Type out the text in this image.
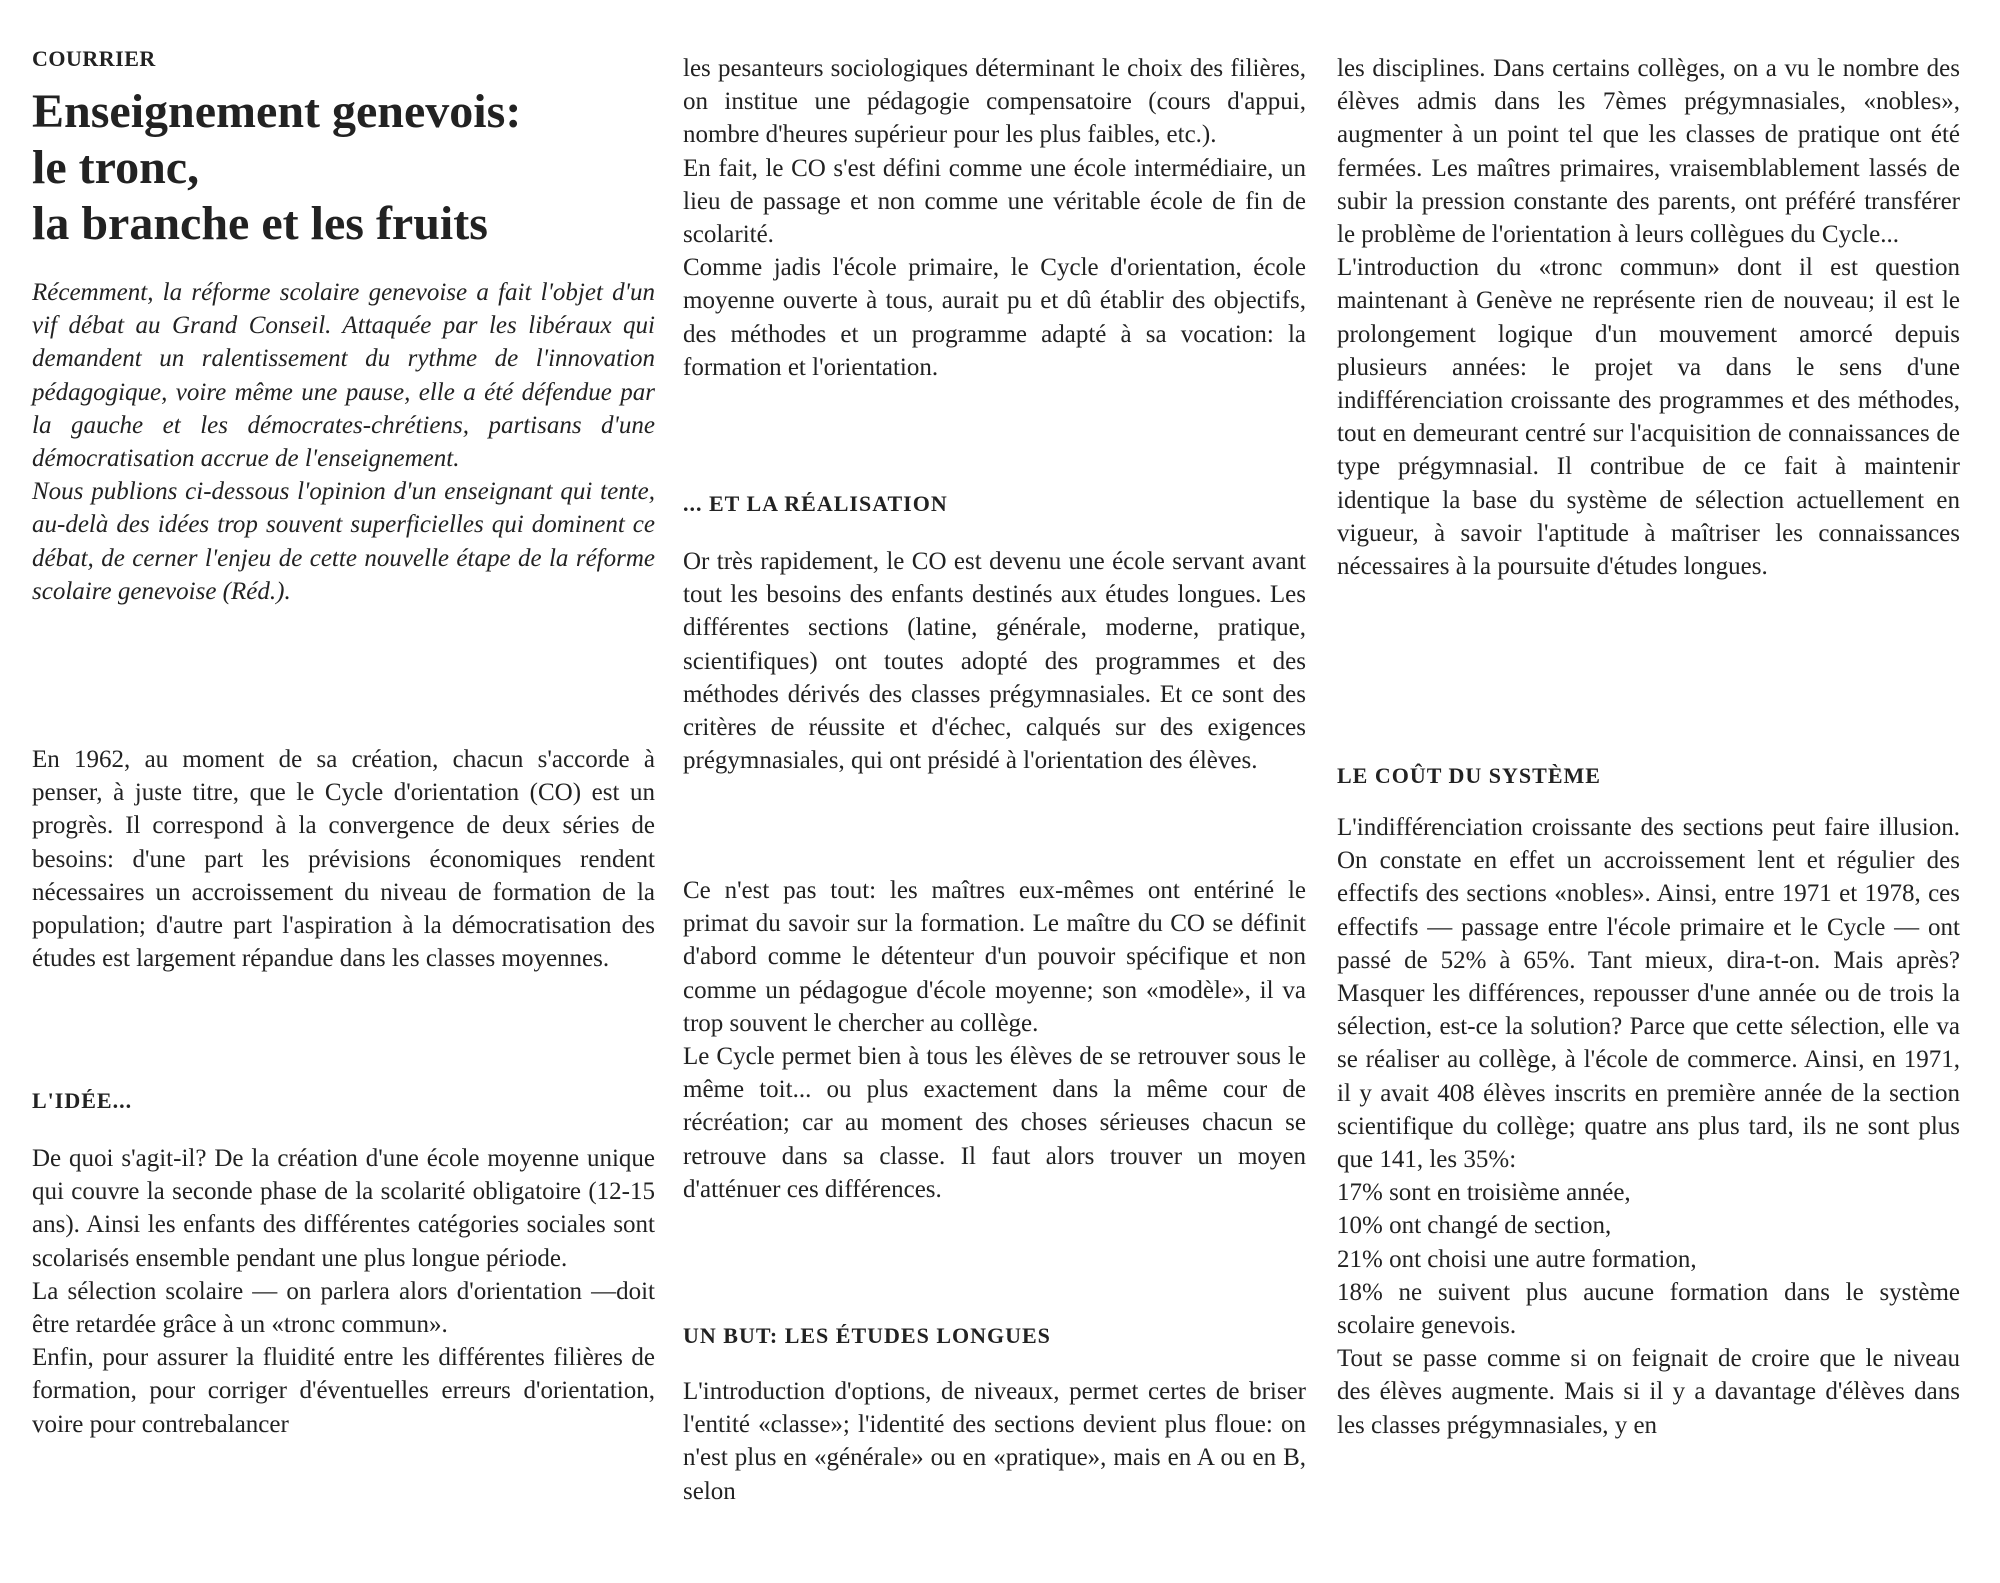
COURRIER
Enseignement genevois:
le tronc,
la branche et les fruits

Récemment, la réforme scolaire genevoise a fait l'objet d'un vif débat au Grand Conseil. Attaquée par les libéraux qui demandent un ralentissement du rythme de l'innovation pédagogique, voire même une pause, elle a été défendue par la gauche et les démocrates-chrétiens, partisans d'une démocratisation accrue de l'enseignement.

Nous publions ci-dessous l'opinion d'un enseignant qui tente, au-delà des idées trop souvent superficielles qui dominent ce débat, de cerner l'enjeu de cette nouvelle étape de la réforme scolaire genevoise (Réd.).

En 1962, au moment de sa création, chacun s'accorde à penser, à juste titre, que le Cycle d'orientation (CO) est un progrès. Il correspond à la convergence de deux séries de besoins: d'une part les prévisions économiques rendent nécessaires un accroissement du niveau de formation de la population; d'autre part l'aspiration à la démocratisation des études est largement répandue dans les classes moyennes.

L'IDÉE...

De quoi s'agit-il? De la création d'une école moyenne unique qui couvre la seconde phase de la scolarité obligatoire (12-15 ans). Ainsi les enfants des différentes catégories sociales sont scolarisés ensemble pendant une plus longue période.

La sélection scolaire — on parlera alors d'orientation —doit être retardée grâce à un «tronc commun».

Enfin, pour assurer la fluidité entre les différentes filières de formation, pour corriger d'éventuelles erreurs d'orientation, voire pour contrebalancer

les pesanteurs sociologiques déterminant le choix des filières, on institue une pédagogie compensatoire (cours d'appui, nombre d'heures supérieur pour les plus faibles, etc.).

En fait, le CO s'est défini comme une école intermédiaire, un lieu de passage et non comme une véritable école de fin de scolarité.

Comme jadis l'école primaire, le Cycle d'orientation, école moyenne ouverte à tous, aurait pu et dû établir des objectifs, des méthodes et un programme adapté à sa vocation: la formation et l'orientation.

... ET LA RÉALISATION

Or très rapidement, le CO est devenu une école servant avant tout les besoins des enfants destinés aux études longues. Les différentes sections (latine, générale, moderne, pratique, scientifiques) ont toutes adopté des programmes et des méthodes dérivés des classes prégymnasiales. Et ce sont des critères de réussite et d'échec, calqués sur des exigences prégymnasiales, qui ont présidé à l'orientation des élèves.

Ce n'est pas tout: les maîtres eux-mêmes ont entériné le primat du savoir sur la formation. Le maître du CO se définit d'abord comme le détenteur d'un pouvoir spécifique et non comme un pédagogue d'école moyenne; son «modèle», il va trop souvent le chercher au collège.

Le Cycle permet bien à tous les élèves de se retrouver sous le même toit... ou plus exactement dans la même cour de récréation; car au moment des choses sérieuses chacun se retrouve dans sa classe. Il faut alors trouver un moyen d'atténuer ces différences.

UN BUT: LES ÉTUDES LONGUES

L'introduction d'options, de niveaux, permet certes de briser l'entité «classe»; l'identité des sections devient plus floue: on n'est plus en «générale» ou en «pratique», mais en A ou en B, selon

les disciplines. Dans certains collèges, on a vu le nombre des élèves admis dans les 7èmes prégymnasiales, «nobles», augmenter à un point tel que les classes de pratique ont été fermées. Les maîtres primaires, vraisemblablement lassés de subir la pression constante des parents, ont préféré transférer le problème de l'orientation à leurs collègues du Cycle...

L'introduction du «tronc commun» dont il est question maintenant à Genève ne représente rien de nouveau; il est le prolongement logique d'un mouvement amorcé depuis plusieurs années: le projet va dans le sens d'une indifférenciation croissante des programmes et des méthodes, tout en demeurant centré sur l'acquisition de connaissances de type prégymnasial. Il contribue de ce fait à maintenir identique la base du système de sélection actuellement en vigueur, à savoir l'aptitude à maîtriser les connaissances nécessaires à la poursuite d'études longues.

LE COÛT DU SYSTÈME

L'indifférenciation croissante des sections peut faire illusion. On constate en effet un accroissement lent et régulier des effectifs des sections «nobles». Ainsi, entre 1971 et 1978, ces effectifs — passage entre l'école primaire et le Cycle — ont passé de 52% à 65%. Tant mieux, dira-t-on. Mais après? Masquer les différences, repousser d'une année ou de trois la sélection, est-ce la solution? Parce que cette sélection, elle va se réaliser au collège, à l'école de commerce. Ainsi, en 1971, il y avait 408 élèves inscrits en première année de la section scientifique du collège; quatre ans plus tard, ils ne sont plus que 141, les 35%:

17% sont en troisième année,

10% ont changé de section,

21% ont choisi une autre formation,

18% ne suivent plus aucune formation dans le système scolaire genevois.

Tout se passe comme si on feignait de croire que le niveau des élèves augmente. Mais si il y a davantage d'élèves dans les classes prégymnasiales, y en
